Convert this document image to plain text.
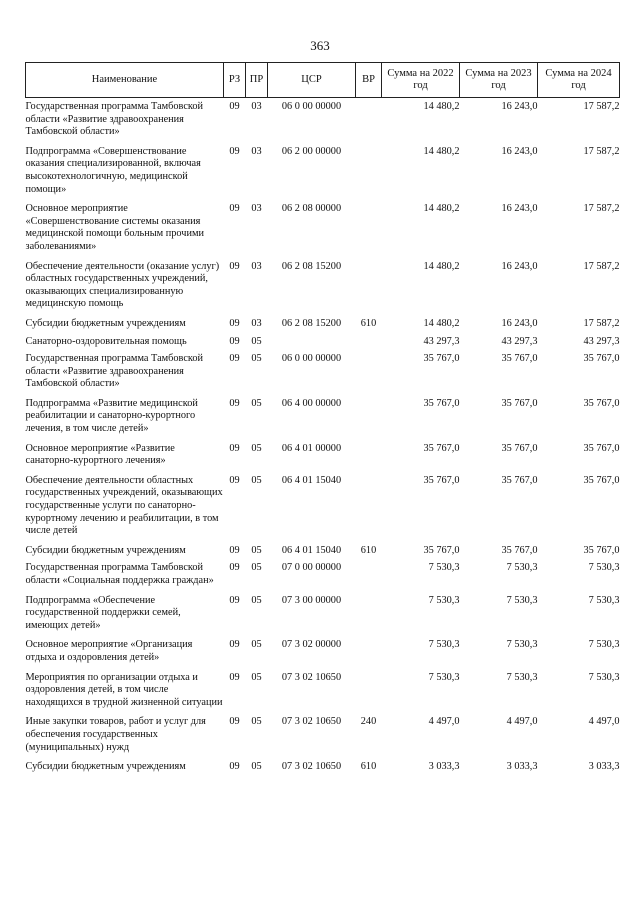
363
Наименование	РЗ	ПР	ЦСР	ВР	Сумма на 2022 год	Сумма на 2023 год	Сумма на 2024 год
Государственная программа Тамбовской области «Развитие здравоохранения Тамбовской области»	09	03	06 0 00 00000		14 480,2	16 243,0	17 587,2
Подпрограмма «Совершенствование оказания специализированной, включая высокотехнологичную, медицинской помощи»	09	03	06 2 00 00000		14 480,2	16 243,0	17 587,2
Основное мероприятие «Совершенствование системы оказания медицинской помощи больным прочими заболеваниями»	09	03	06 2 08 00000		14 480,2	16 243,0	17 587,2
Обеспечение деятельности (оказание услуг) областных государственных учреждений, оказывающих специализированную медицинскую помощь	09	03	06 2 08 15200		14 480,2	16 243,0	17 587,2
Субсидии бюджетным учреждениям	09	03	06 2 08 15200	610	14 480,2	16 243,0	17 587,2
Санаторно-оздоровительная помощь	09	05			43 297,3	43 297,3	43 297,3
Государственная программа Тамбовской области «Развитие здравоохранения Тамбовской области»	09	05	06 0 00 00000		35 767,0	35 767,0	35 767,0
Подпрограмма «Развитие медицинской реабилитации и санаторно-курортного лечения, в том числе детей»	09	05	06 4 00 00000		35 767,0	35 767,0	35 767,0
Основное мероприятие «Развитие санаторно-курортного лечения»	09	05	06 4 01 00000		35 767,0	35 767,0	35 767,0
Обеспечение деятельности областных государственных учреждений, оказывающих государственные услуги по санаторно-курортному лечению и реабилитации, в том числе детей	09	05	06 4 01 15040		35 767,0	35 767,0	35 767,0
Субсидии бюджетным учреждениям	09	05	06 4 01 15040	610	35 767,0	35 767,0	35 767,0
Государственная программа Тамбовской области «Социальная поддержка граждан»	09	05	07 0 00 00000		7 530,3	7 530,3	7 530,3
Подпрограмма «Обеспечение государственной поддержки семей, имеющих детей»	09	05	07 3 00 00000		7 530,3	7 530,3	7 530,3
Основное мероприятие «Организация отдыха и оздоровления детей»	09	05	07 3 02 00000		7 530,3	7 530,3	7 530,3
Мероприятия по организации отдыха и оздоровления детей, в том числе находящихся в трудной жизненной ситуации	09	05	07 3 02 10650		7 530,3	7 530,3	7 530,3
Иные закупки товаров, работ и услуг для обеспечения государственных (муниципальных) нужд	09	05	07 3 02 10650	240	4 497,0	4 497,0	4 497,0
Субсидии бюджетным учреждениям	09	05	07 3 02 10650	610	3 033,3	3 033,3	3 033,3
